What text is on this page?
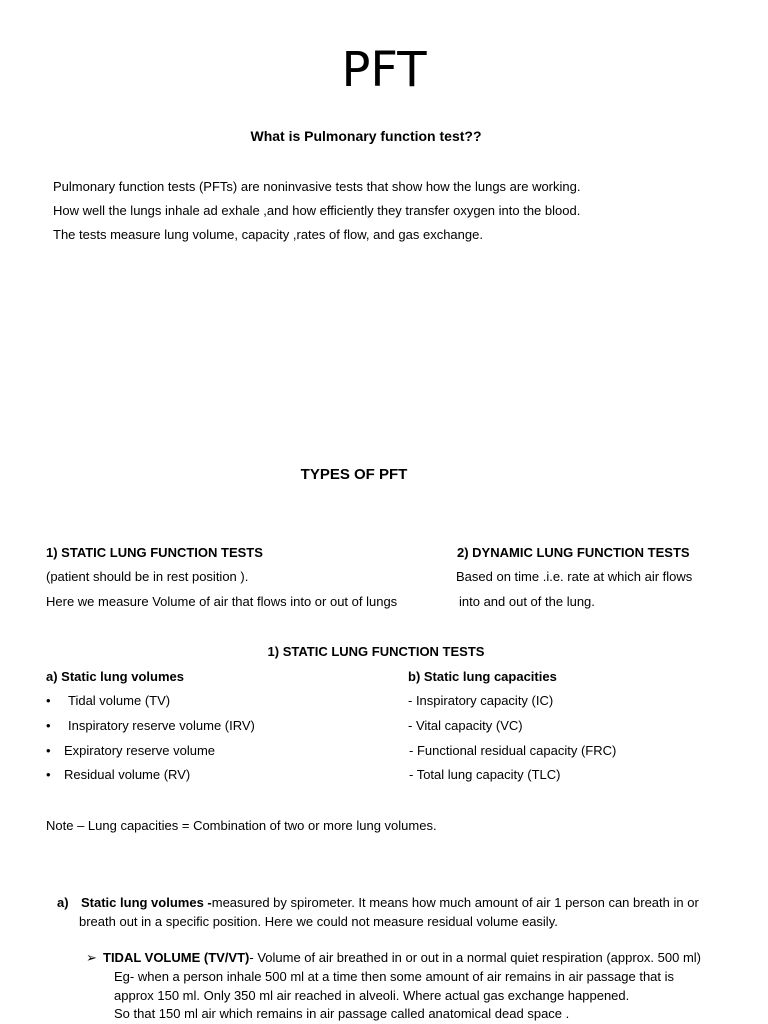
PFT
What is Pulmonary function test??
Pulmonary function tests (PFTs) are noninvasive tests that show how the lungs are working.
How well the lungs inhale ad exhale ,and how efficiently they transfer oxygen into the blood.
The tests measure lung volume, capacity ,rates of flow, and gas exchange.
TYPES OF PFT
1) STATIC LUNG FUNCTION TESTS
(patient should be in rest position ).
Here we measure Volume of air that flows into or out of lungs
2) DYNAMIC LUNG FUNCTION TESTS
Based on time .i.e. rate at which air flows
into and out of the lung.
1) STATIC LUNG FUNCTION TESTS
a) Static lung volumes
• Tidal volume (TV)
• Inspiratory reserve volume (IRV)
• Expiratory reserve volume
• Residual volume (RV)
b) Static lung capacities
- Inspiratory capacity (IC)
- Vital capacity (VC)
- Functional residual capacity (FRC)
- Total lung capacity (TLC)
Note – Lung capacities = Combination of two or more lung volumes.
a) Static lung volumes -measured by spirometer. It means how much amount of air 1 person can breath in or
breath out in a specific position. Here we could not measure residual volume easily.
➢ TIDAL VOLUME (TV/VT)- Volume of air breathed in or out in a normal quiet respiration (approx. 500 ml)
Eg- when a person inhale 500 ml at a time then some amount of air remains in air passage that is
approx 150 ml. Only 350 ml air reached in alveoli. Where actual gas exchange happened.
So that 150 ml air which remains in air passage called anatomical dead space .
